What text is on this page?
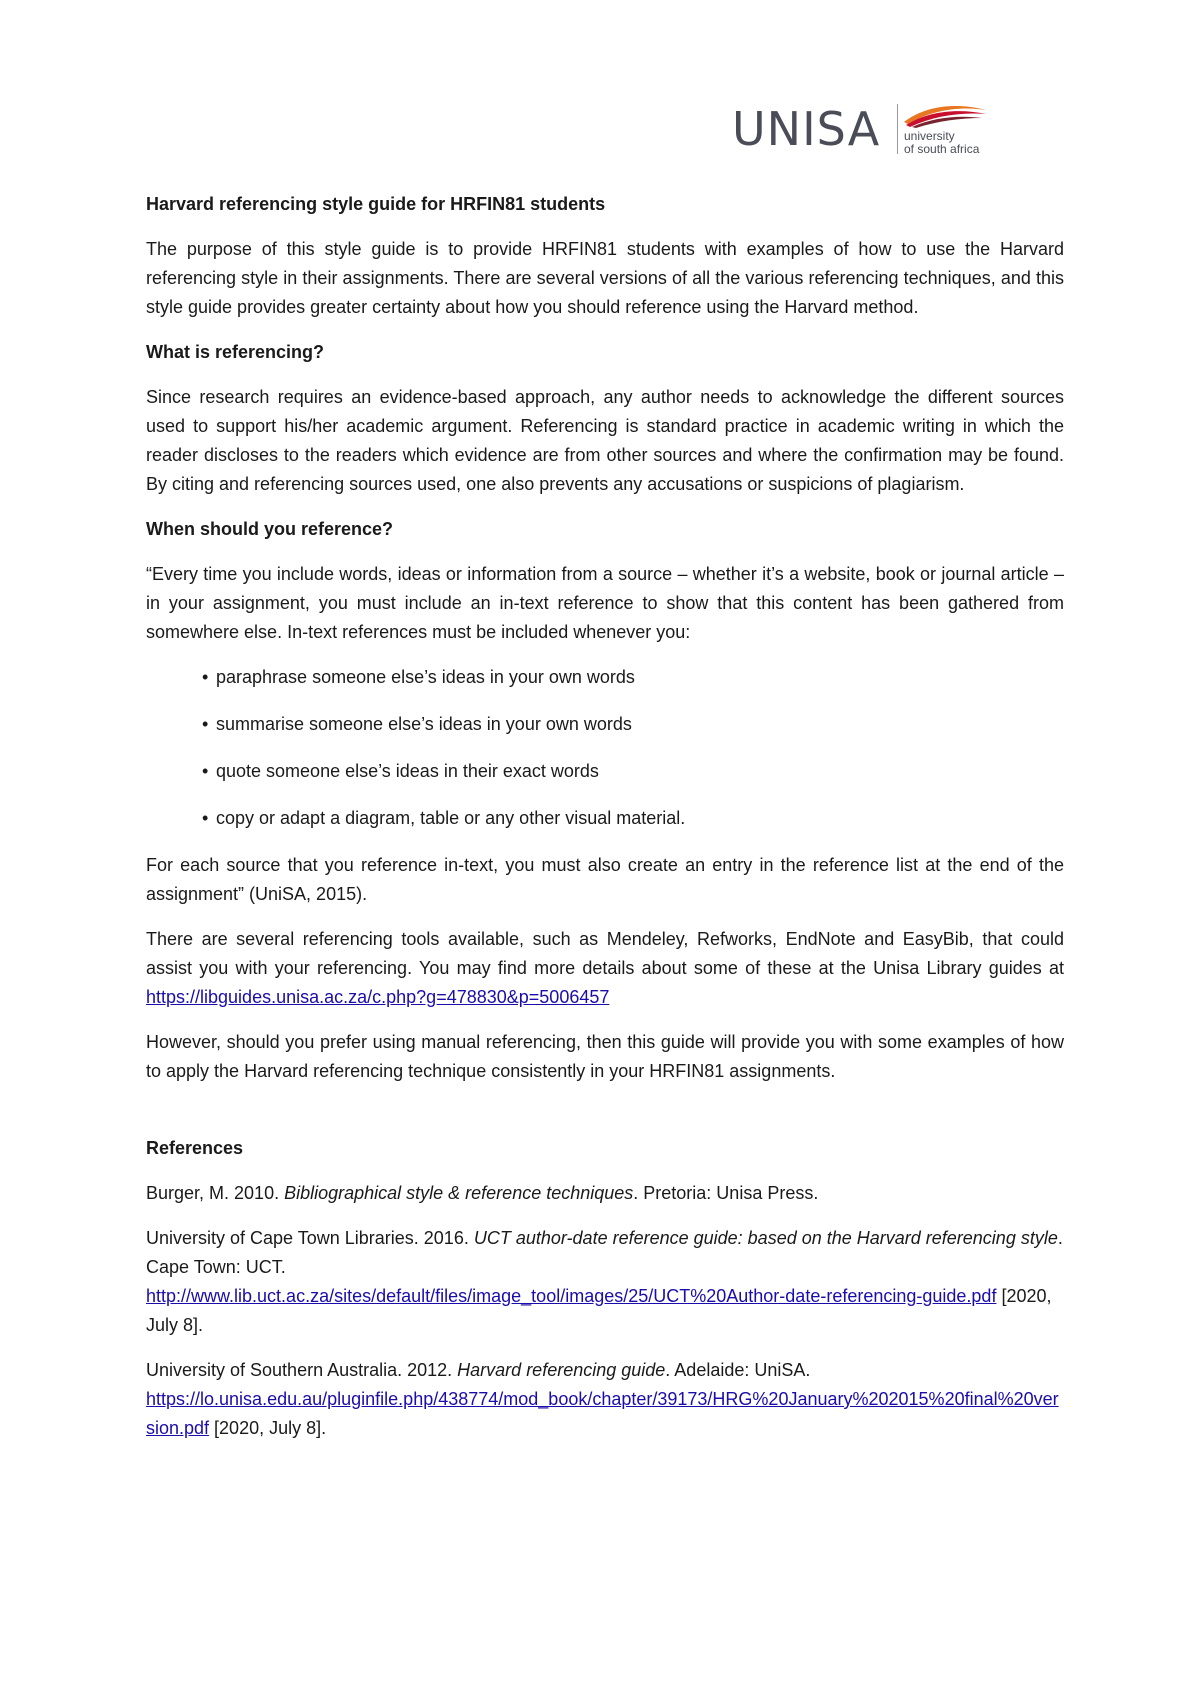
UNISA university
of south africa

Harvard referencing style guide for HRFIN81 students

The purpose of this style guide is to provide HRFIN81 students with examples of how to use the Harvard referencing style in their assignments. There are several versions of all the various referencing techniques, and this style guide provides greater certainty about how you should reference using the Harvard method.

What is referencing?

Since research requires an evidence-based approach, any author needs to acknowledge the different sources used to support his/her academic argument. Referencing is standard practice in academic writing in which the reader discloses to the readers which evidence are from other sources and where the confirmation may be found. By citing and referencing sources used, one also prevents any accusations or suspicions of plagiarism.

When should you reference?

“Every time you include words, ideas or information from a source – whether it’s a website, book or journal article – in your assignment, you must include an in-text reference to show that this content has been gathered from somewhere else. In-text references must be included whenever you:

• paraphrase someone else’s ideas in your own words
• summarise someone else’s ideas in your own words
• quote someone else’s ideas in their exact words
• copy or adapt a diagram, table or any other visual material.

For each source that you reference in-text, you must also create an entry in the reference list at the end of the assignment” (UniSA, 2015).

There are several referencing tools available, such as Mendeley, Refworks, EndNote and EasyBib, that could assist you with your referencing. You may find more details about some of these at the Unisa Library guides at https://libguides.unisa.ac.za/c.php?g=478830&p=5006457

However, should you prefer using manual referencing, then this guide will provide you with some examples of how to apply the Harvard referencing technique consistently in your HRFIN81 assignments.

References

Burger, M. 2010. Bibliographical style & reference techniques. Pretoria: Unisa Press.

University of Cape Town Libraries. 2016. UCT author-date reference guide: based on the Harvard referencing style. Cape Town: UCT.
http://www.lib.uct.ac.za/sites/default/files/image_tool/images/25/UCT%20Author-date-referencing-guide.pdf [2020, July 8].

University of Southern Australia. 2012. Harvard referencing guide. Adelaide: UniSA.
https://lo.unisa.edu.au/pluginfile.php/438774/mod_book/chapter/39173/HRG%20January%202015%20final%20version.pdf [2020, July 8].
